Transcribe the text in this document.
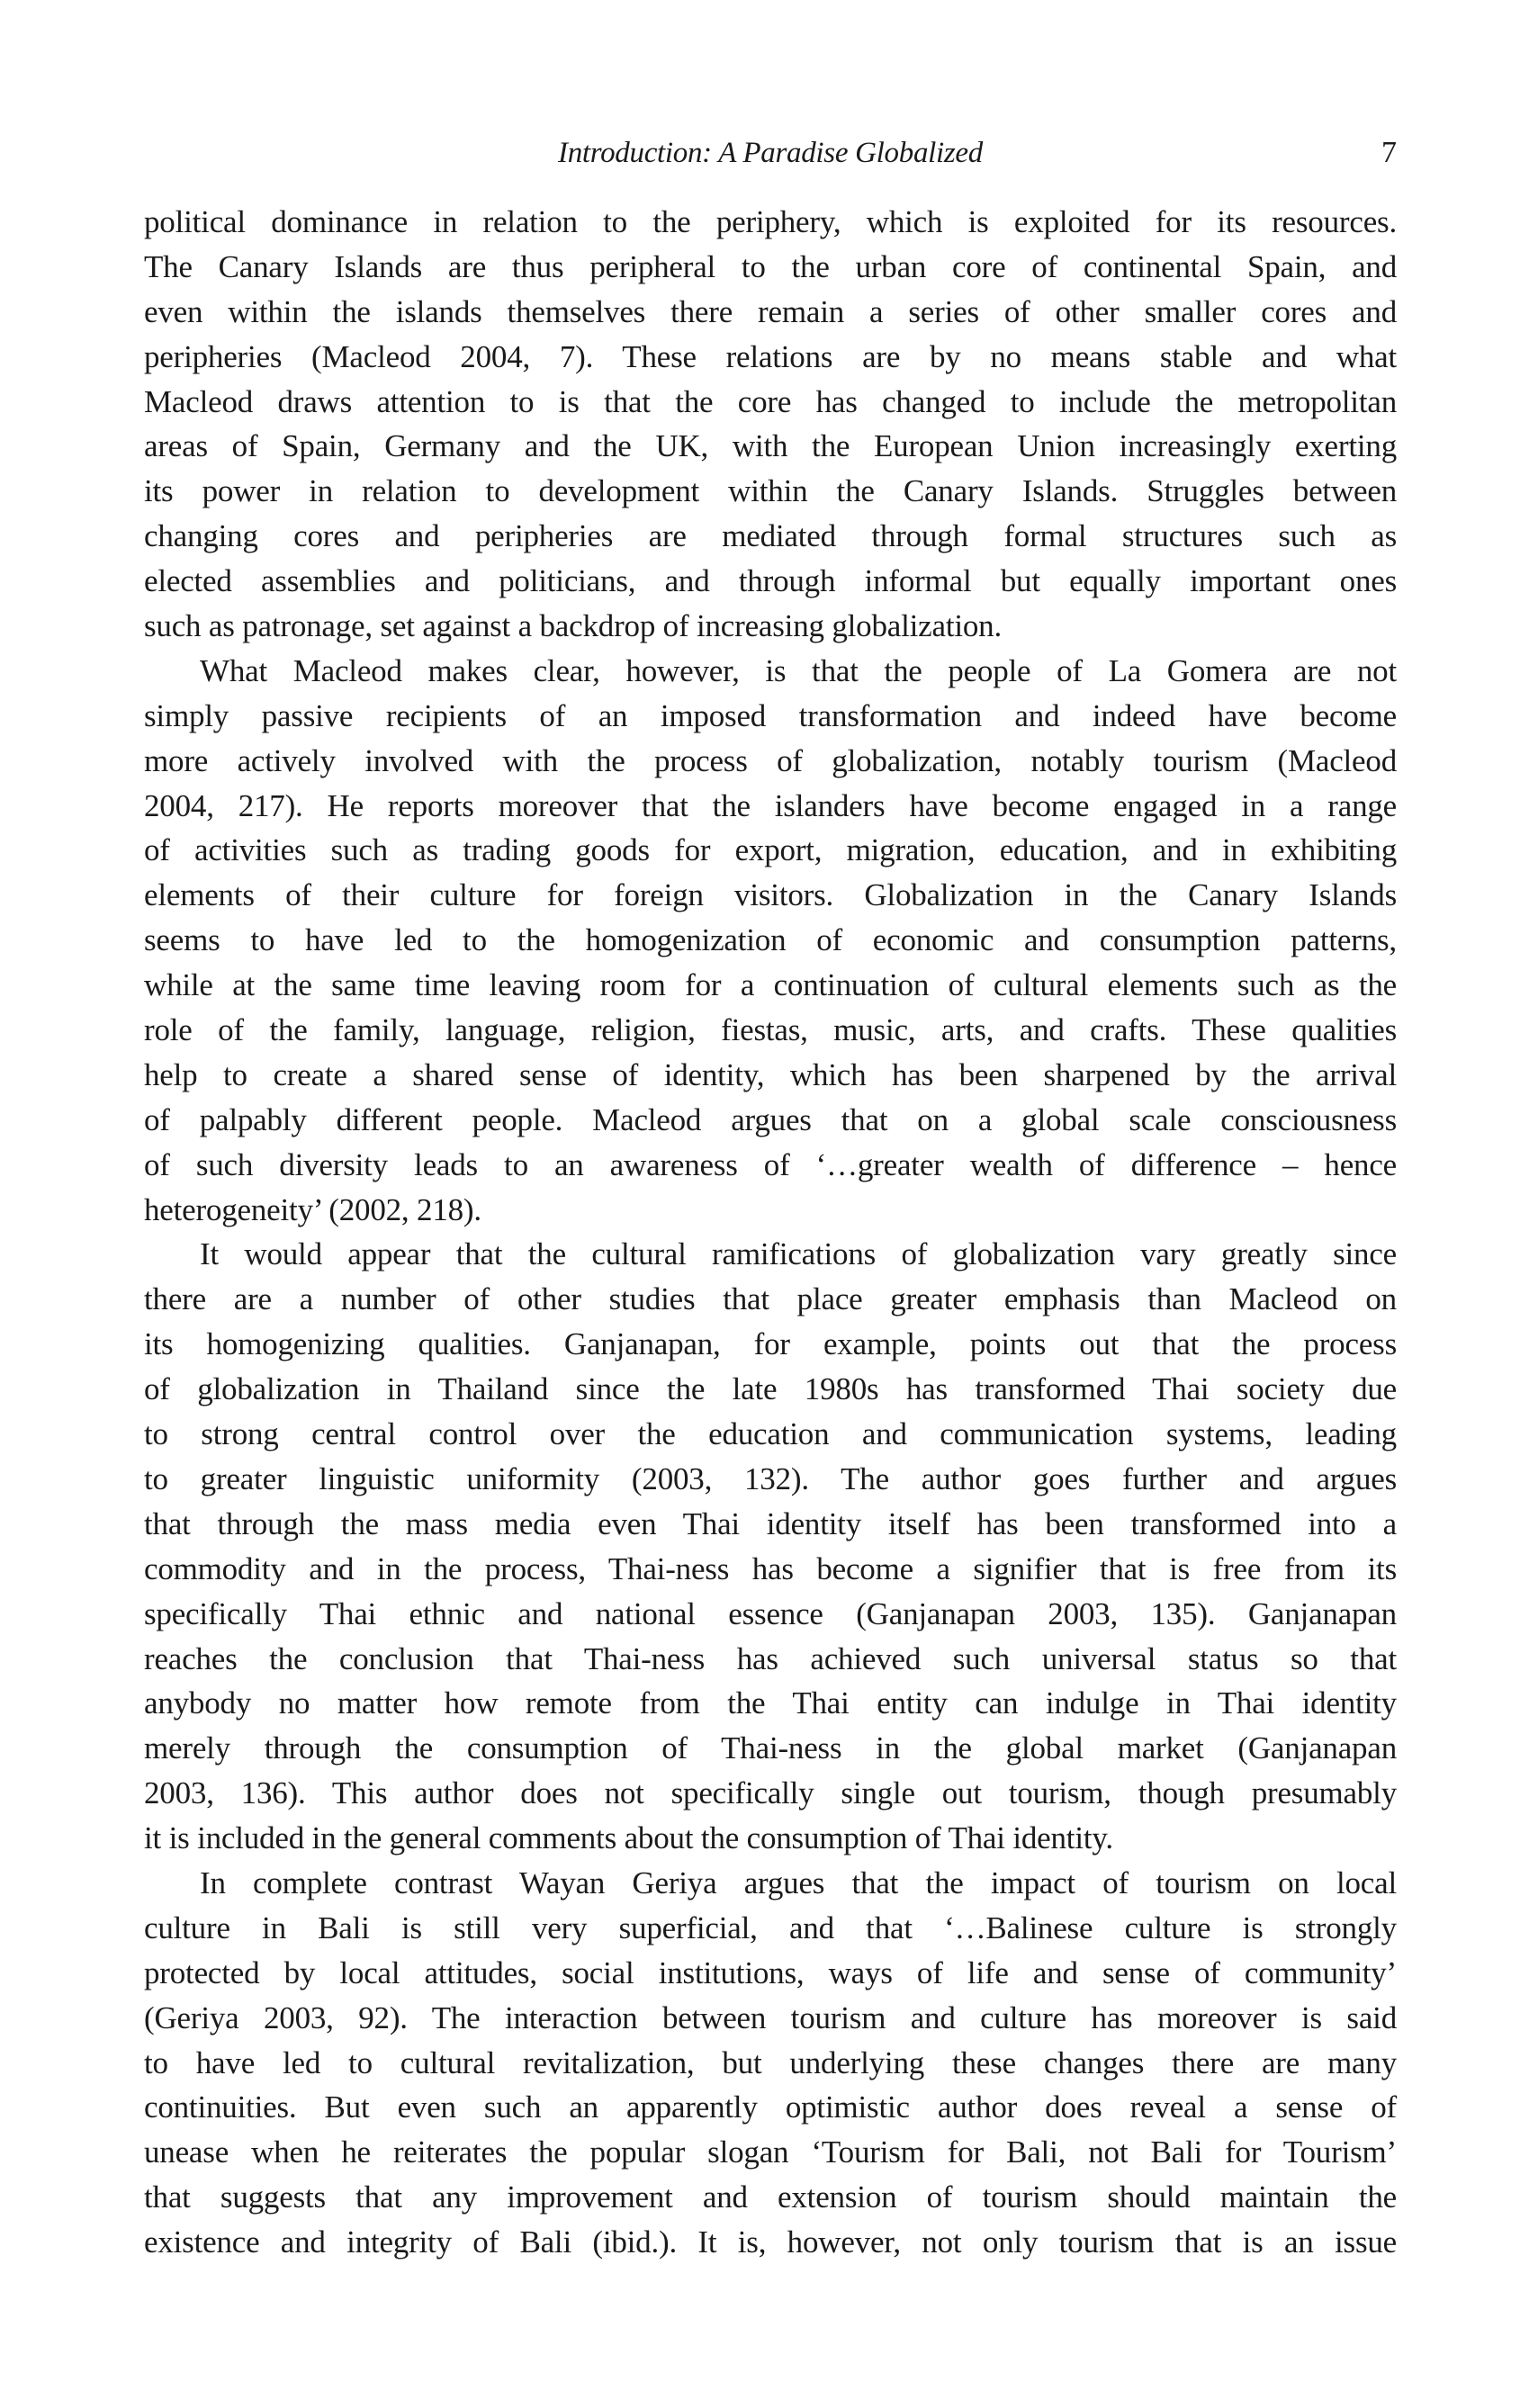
Introduction: A Paradise Globalized	7
political dominance in relation to the periphery, which is exploited for its resources.
The Canary Islands are thus peripheral to the urban core of continental Spain, and
even within the islands themselves there remain a series of other smaller cores and
peripheries (Macleod 2004, 7). These relations are by no means stable and what
Macleod draws attention to is that the core has changed to include the metropolitan
areas of Spain, Germany and the UK, with the European Union increasingly exerting
its power in relation to development within the Canary Islands. Struggles between
changing cores and peripheries are mediated through formal structures such as
elected assemblies and politicians, and through informal but equally important ones
such as patronage, set against a backdrop of increasing globalization.
What Macleod makes clear, however, is that the people of La Gomera are not
simply passive recipients of an imposed transformation and indeed have become
more actively involved with the process of globalization, notably tourism (Macleod
2004, 217). He reports moreover that the islanders have become engaged in a range
of activities such as trading goods for export, migration, education, and in exhibiting
elements of their culture for foreign visitors. Globalization in the Canary Islands
seems to have led to the homogenization of economic and consumption patterns,
while at the same time leaving room for a continuation of cultural elements such as the
role of the family, language, religion, fiestas, music, arts, and crafts. These qualities
help to create a shared sense of identity, which has been sharpened by the arrival
of palpably different people. Macleod argues that on a global scale consciousness
of such diversity leads to an awareness of ‘…greater wealth of difference – hence
heterogeneity’ (2002, 218).
It would appear that the cultural ramifications of globalization vary greatly since
there are a number of other studies that place greater emphasis than Macleod on
its homogenizing qualities. Ganjanapan, for example, points out that the process
of globalization in Thailand since the late 1980s has transformed Thai society due
to strong central control over the education and communication systems, leading
to greater linguistic uniformity (2003, 132). The author goes further and argues
that through the mass media even Thai identity itself has been transformed into a
commodity and in the process, Thai-ness has become a signifier that is free from its
specifically Thai ethnic and national essence (Ganjanapan 2003, 135). Ganjanapan
reaches the conclusion that Thai-ness has achieved such universal status so that
anybody no matter how remote from the Thai entity can indulge in Thai identity
merely through the consumption of Thai-ness in the global market (Ganjanapan
2003, 136). This author does not specifically single out tourism, though presumably
it is included in the general comments about the consumption of Thai identity.
In complete contrast Wayan Geriya argues that the impact of tourism on local
culture in Bali is still very superficial, and that ‘…Balinese culture is strongly
protected by local attitudes, social institutions, ways of life and sense of community’
(Geriya 2003, 92). The interaction between tourism and culture has moreover is said
to have led to cultural revitalization, but underlying these changes there are many
continuities. But even such an apparently optimistic author does reveal a sense of
unease when he reiterates the popular slogan ‘Tourism for Bali, not Bali for Tourism’
that suggests that any improvement and extension of tourism should maintain the
existence and integrity of Bali (ibid.). It is, however, not only tourism that is an issue
